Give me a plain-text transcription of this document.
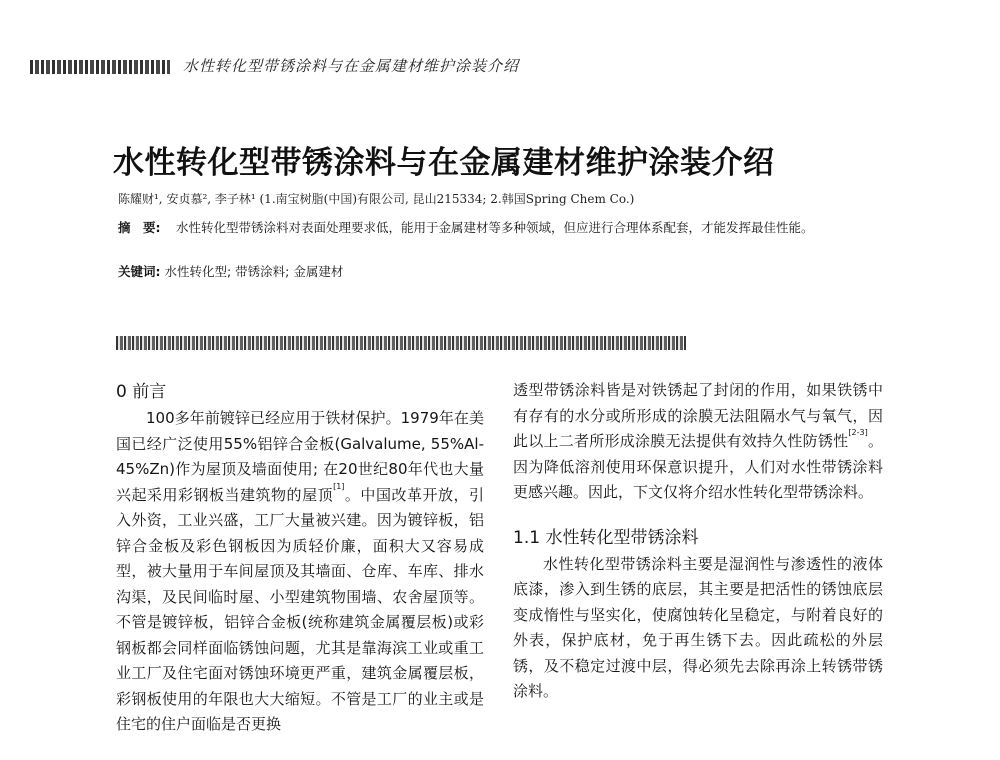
水性转化型带锈涂料与在金属建材维护涂装介绍
水性转化型带锈涂料与在金属建材维护涂装介绍
陈耀财¹, 安贞慕², 李子林¹ (1.南宝树脂(中国)有限公司, 昆山215334; 2.韩国Spring Chem Co.)
摘　要: 水性转化型带锈涂料对表面处理要求低，能用于金属建材等多种领域，但应进行合理体系配套，才能发挥最佳性能。
关键词: 水性转化型; 带锈涂料; 金属建材
0 前言

100多年前镀锌已经应用于铁材保护。1979年在美国已经广泛使用55%铝锌合金板(Galvalume, 55%Al-45%Zn)作为屋顶及墙面使用; 在20世纪80年代也大量兴起采用彩钢板当建筑物的屋顶[1]。中国改革开放，引入外资，工业兴盛，工厂大量被兴建。因为镀锌板，铝锌合金板及彩色钢板因为质轻价廉，面积大又容易成型，被大量用于车间屋顶及其墙面、仓库、车库、排水沟渠，及民间临时屋、小型建筑物围墙、农舍屋顶等。不管是镀锌板，铝锌合金板(统称建筑金属覆层板)或彩钢板都会同样面临锈蚀问题，尤其是靠海滨工业或重工业工厂及住宅面对锈蚀环境更严重，建筑金属覆层板，彩钢板使用的年限也大大缩短。不管是工厂的业主或是住宅的住户面临是否更换

透型带锈涂料皆是对铁锈起了封闭的作用，如果铁锈中有存有的水分或所形成的涂膜无法阻隔水气与氧气，因此以上二者所形成涂膜无法提供有效持久性防锈性[2-3]。因为降低溶剂使用环保意识提升，人们对水性带锈涂料更感兴趣。因此，下文仅将介绍水性转化型带锈涂料。

1.1 水性转化型带锈涂料

水性转化型带锈涂料主要是湿润性与渗透性的液体底漆，渗入到生锈的底层，其主要是把活性的锈蚀底层变成惰性与坚实化，使腐蚀转化呈稳定，与附着良好的外表，保护底材，免于再生锈下去。因此疏松的外层锈，及不稳定过渡中层，得必须先去除再涂上转锈带锈涂料。
